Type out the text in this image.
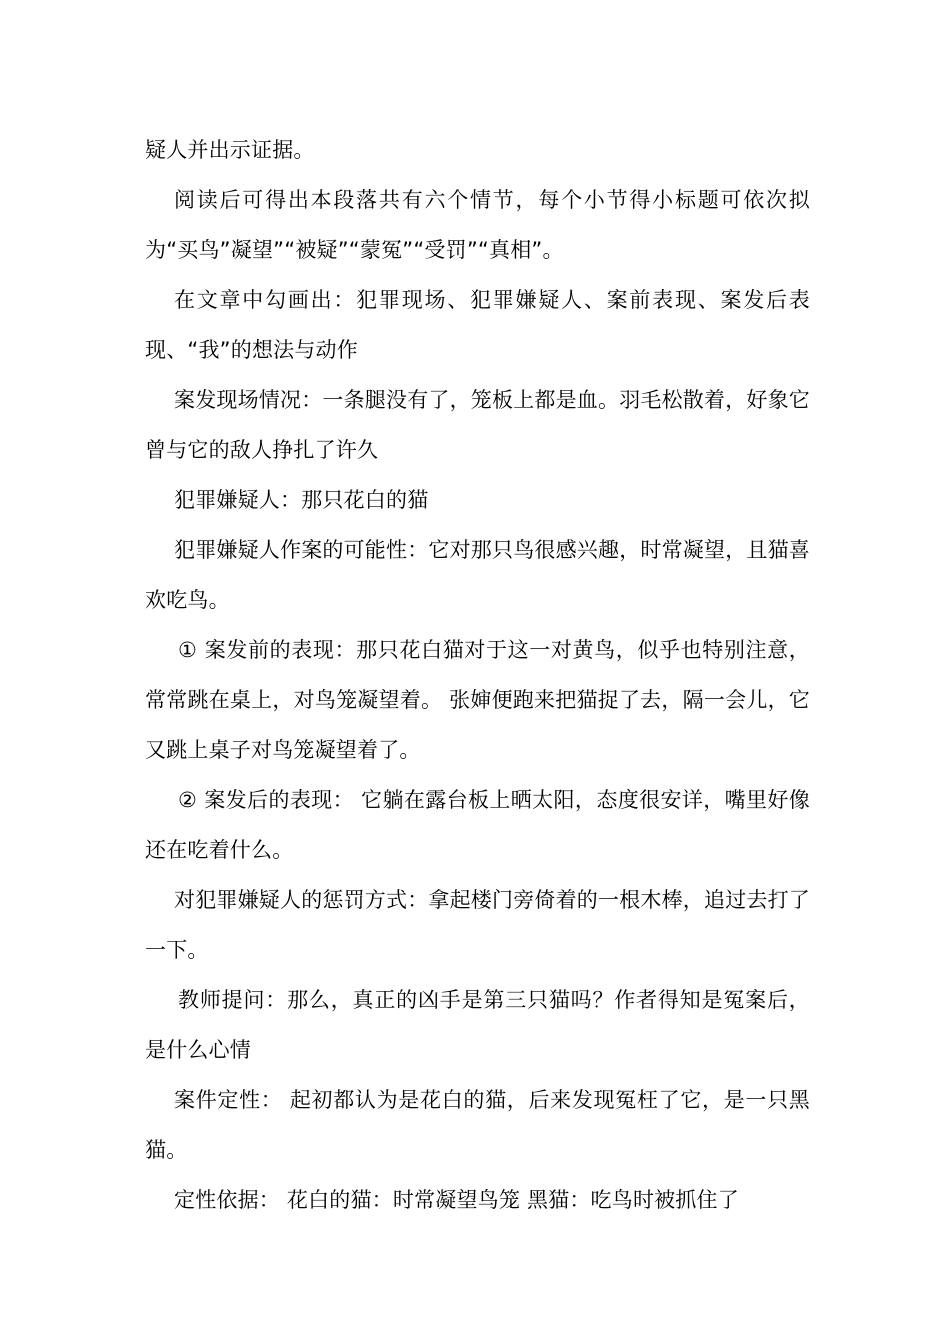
疑人并出示证据。

阅读后可得出本段落共有六个情节，每个小节得小标题可依次拟为“买鸟”凝望”“被疑”“蒙冤”“受罚”“真相”。

在文章中勾画出：犯罪现场、犯罪嫌疑人、案前表现、案发后表现、“我”的想法与动作

案发现场情况：一条腿没有了，笼板上都是血。羽毛松散着，好象它曾与它的敌人挣扎了许久

犯罪嫌疑人：那只花白的猫

犯罪嫌疑人作案的可能性：它对那只鸟很感兴趣，时常凝望，且猫喜欢吃鸟。

① 案发前的表现：那只花白猫对于这一对黄鸟，似乎也特别注意，常常跳在桌上，对鸟笼凝望着。 张婶便跑来把猫捉了去，隔一会儿，它又跳上桌子对鸟笼凝望着了。

② 案发后的表现： 它躺在露台板上晒太阳，态度很安详，嘴里好像还在吃着什么。

对犯罪嫌疑人的惩罚方式：拿起楼门旁倚着的一根木棒，追过去打了一下。

教师提问：那么，真正的凶手是第三只猫吗？作者得知是冤案后，是什么心情

案件定性： 起初都认为是花白的猫，后来发现冤枉了它，是一只黑猫。

定性依据： 花白的猫：时常凝望鸟笼 黑猫：吃鸟时被抓住了
